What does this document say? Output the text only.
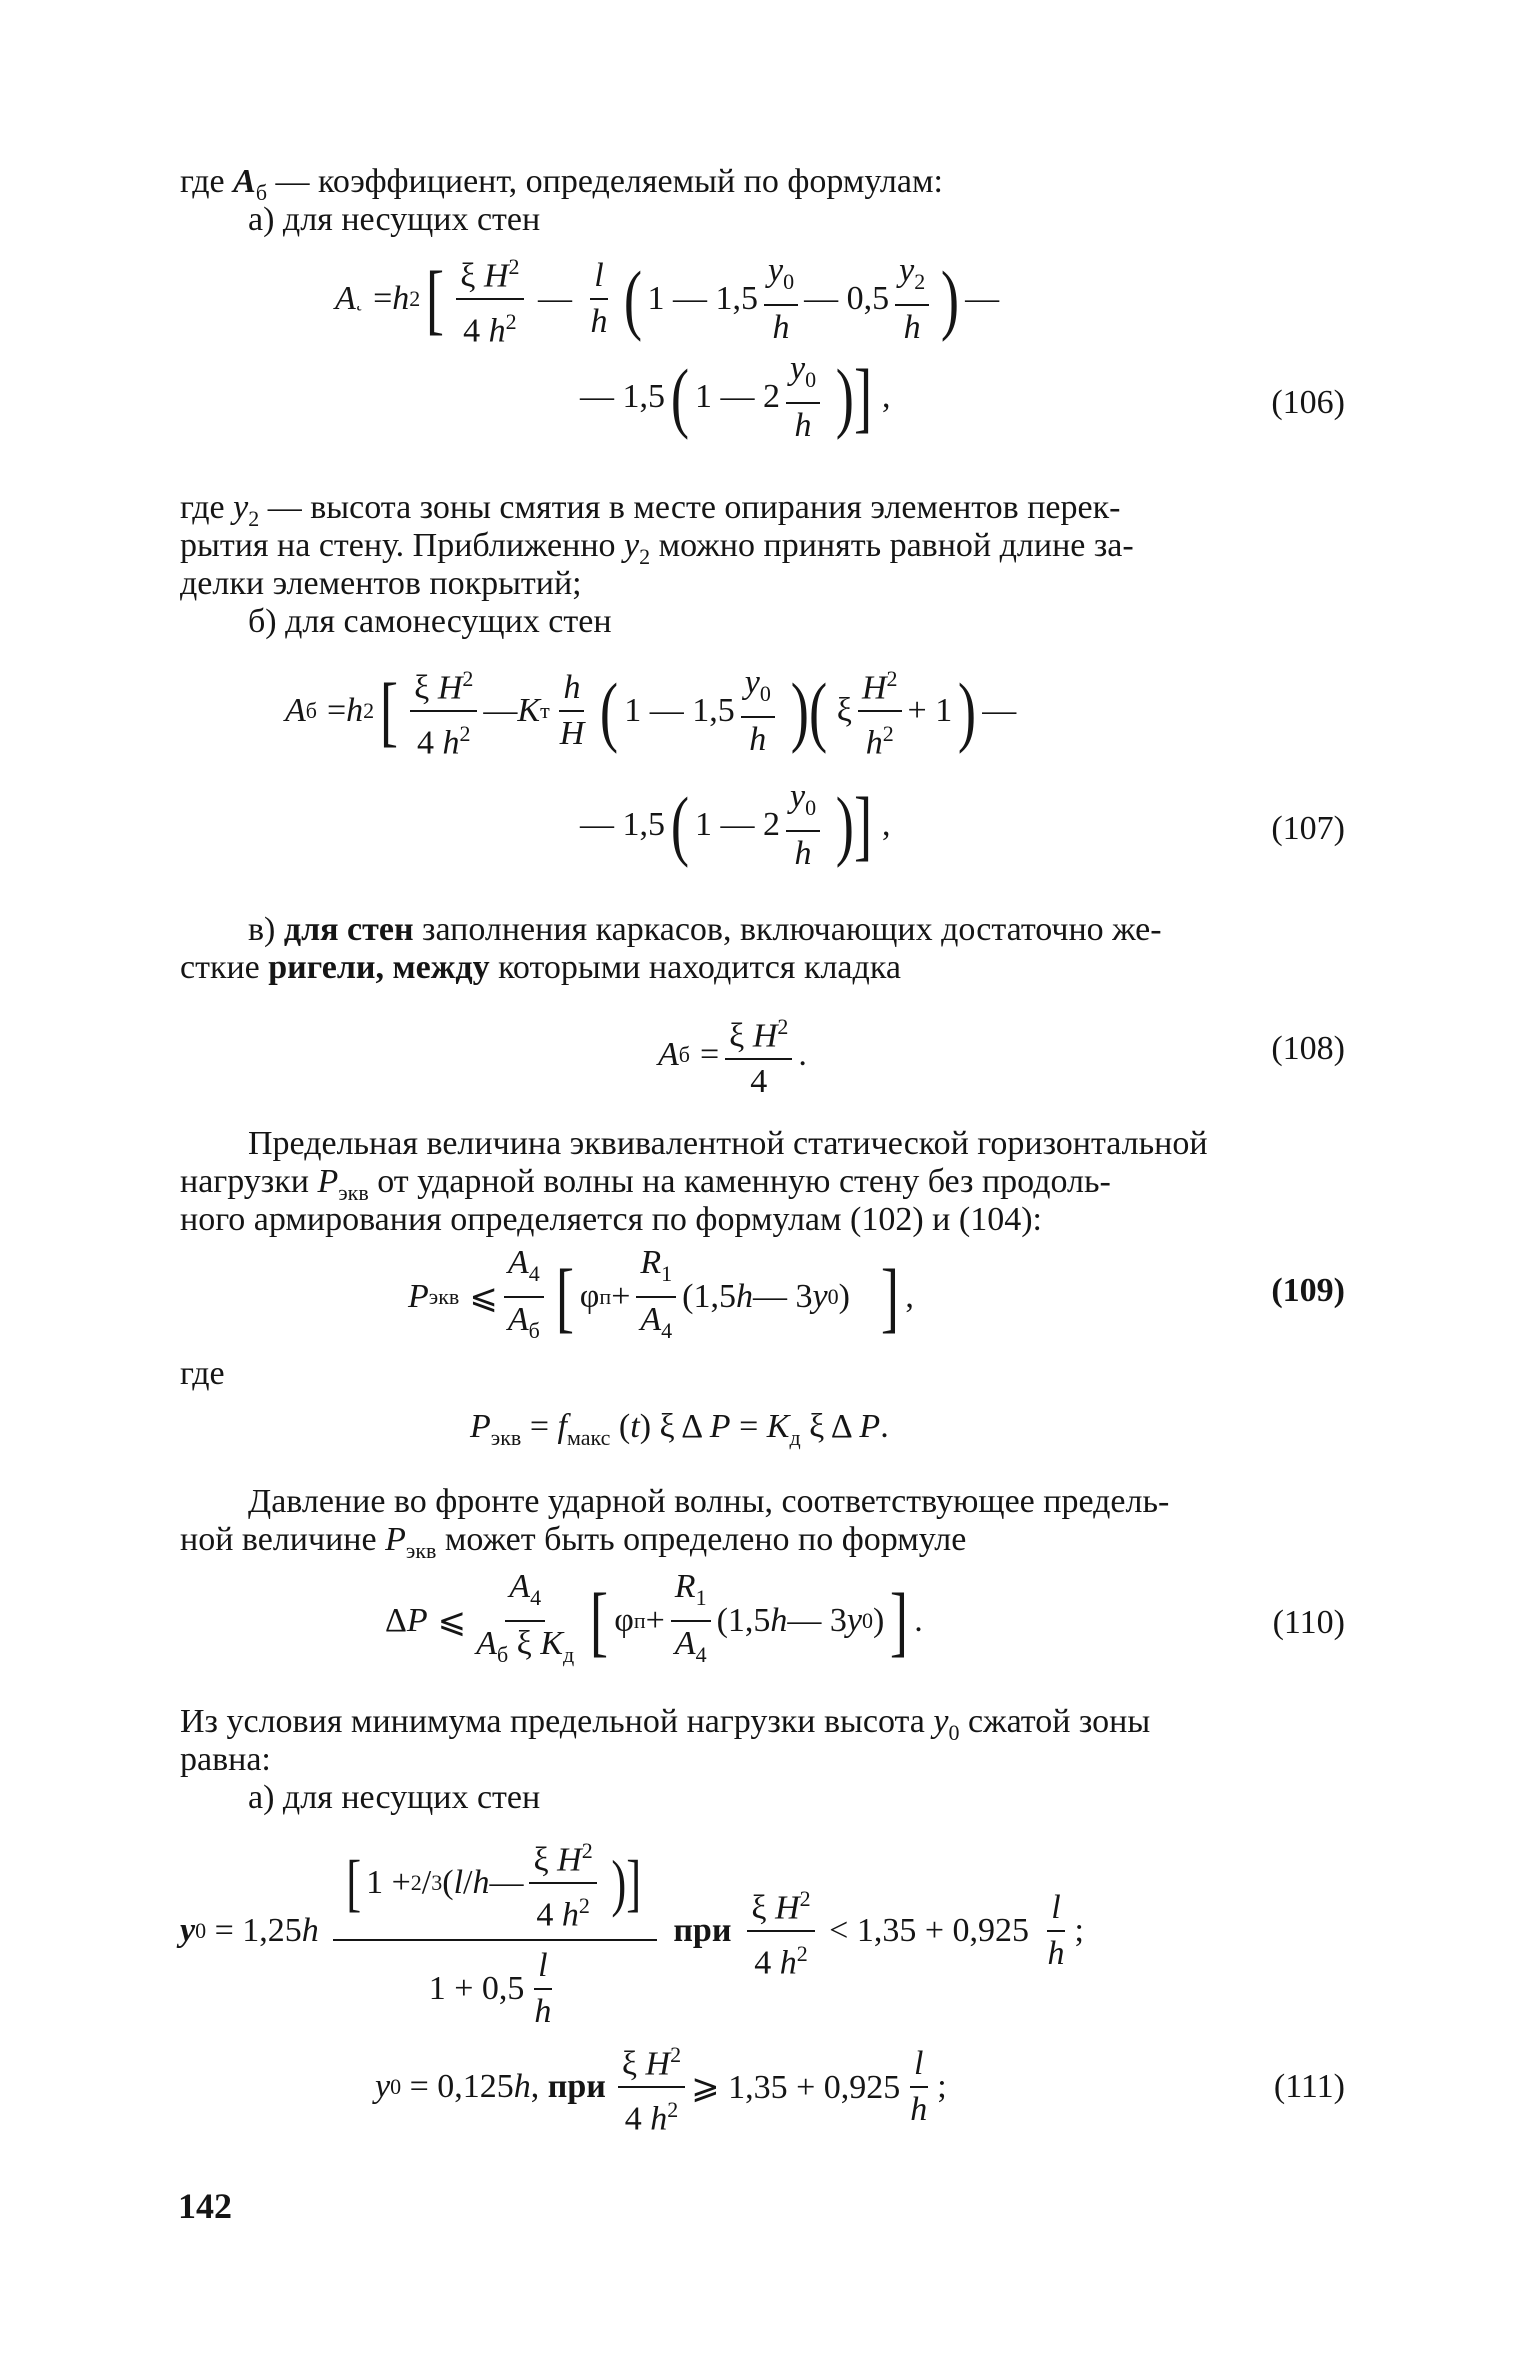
где $A_б$ — коэффициент, определяемый по формулам:
а) для несущих стен
A ˛ = h 2 [ $\frac{\xi H^2}{4 h^2}$ — $\frac{l}{h}$ ( 1 — $1,5 \frac{y_0}{h}$ — $0,5 \frac{y_2}{h}$ ) —
— 1,5 ( 1 — $2 \frac{y_0}{h}$ )] ,	(106)
где $y_2$ — высота зоны смятия в месте опирания элементов перек-
рытия на стену. Приближенно $y_2$ можно принять равной длине за-
делки элементов покрытий;
б) для самонесущих стен
A б = h 2 [ $\frac{\xi H^2}{4 h^2}$ — K т $\frac{h}{H}$ ( 1 — $1,5 \frac{y_0}{h}$ )( ξ $\frac{H^2}{h^2} + 1$ ) —
— 1,5 ( 1 — $2 \frac{y_0}{h}$ )] ,	(107)
в) для стен заполнения каркасов, включающих достаточно же-
сткие ригели, между которыми находится кладка
A $б = \frac{\xi H^2}{4}$ .	(108)
Предельная величина эквивалентной статической горизонтальной
нагрузки $P_{экв}$ от ударной волны на каменную стену без продоль-
ного армирования определяется по формулам (102) и (104):
P экв ⩽ $\frac{A_4}{A_б}$ [ φ $п + \frac{R_1}{A_4} (1,5$ h — 3 y 0 ) ] ,	(109)
где
$P_{экв} = f_{макс}$ (t) ξ Δ $P = K_д$ ξ Δ P.
Давление во фронте ударной волны, соответствующее предель-
ной величине $P_{экв}$ может быть определено по формуле
Δ P ⩽ $\frac{A_4}{A_б \xi K_д}$ [ φ $п + \frac{R_1}{A_4} (1,5$ h — 3 y 0 ) ] .	(110)
Из условия минимума предельной нагрузки высота $y_0$ сжатой зоны
равна:
а) для несущих стен
y 0 = 1,25 h $\frac{[ 1 + 2 / 3 ( l / h — \frac{\xi H^2}{4 h^2} )]}{1 + 0,5 \frac{l}{h}}$ при $\frac{\xi H^2}{4 h^2} < 1,35 + 0,925 \frac{l}{h}$ ;
y 0 = 0,125 h , при $\frac{\xi H^2}{4 h^2}$ ⩾ $1,35 + 0,925 \frac{l}{h}$ ;	(111)
142
